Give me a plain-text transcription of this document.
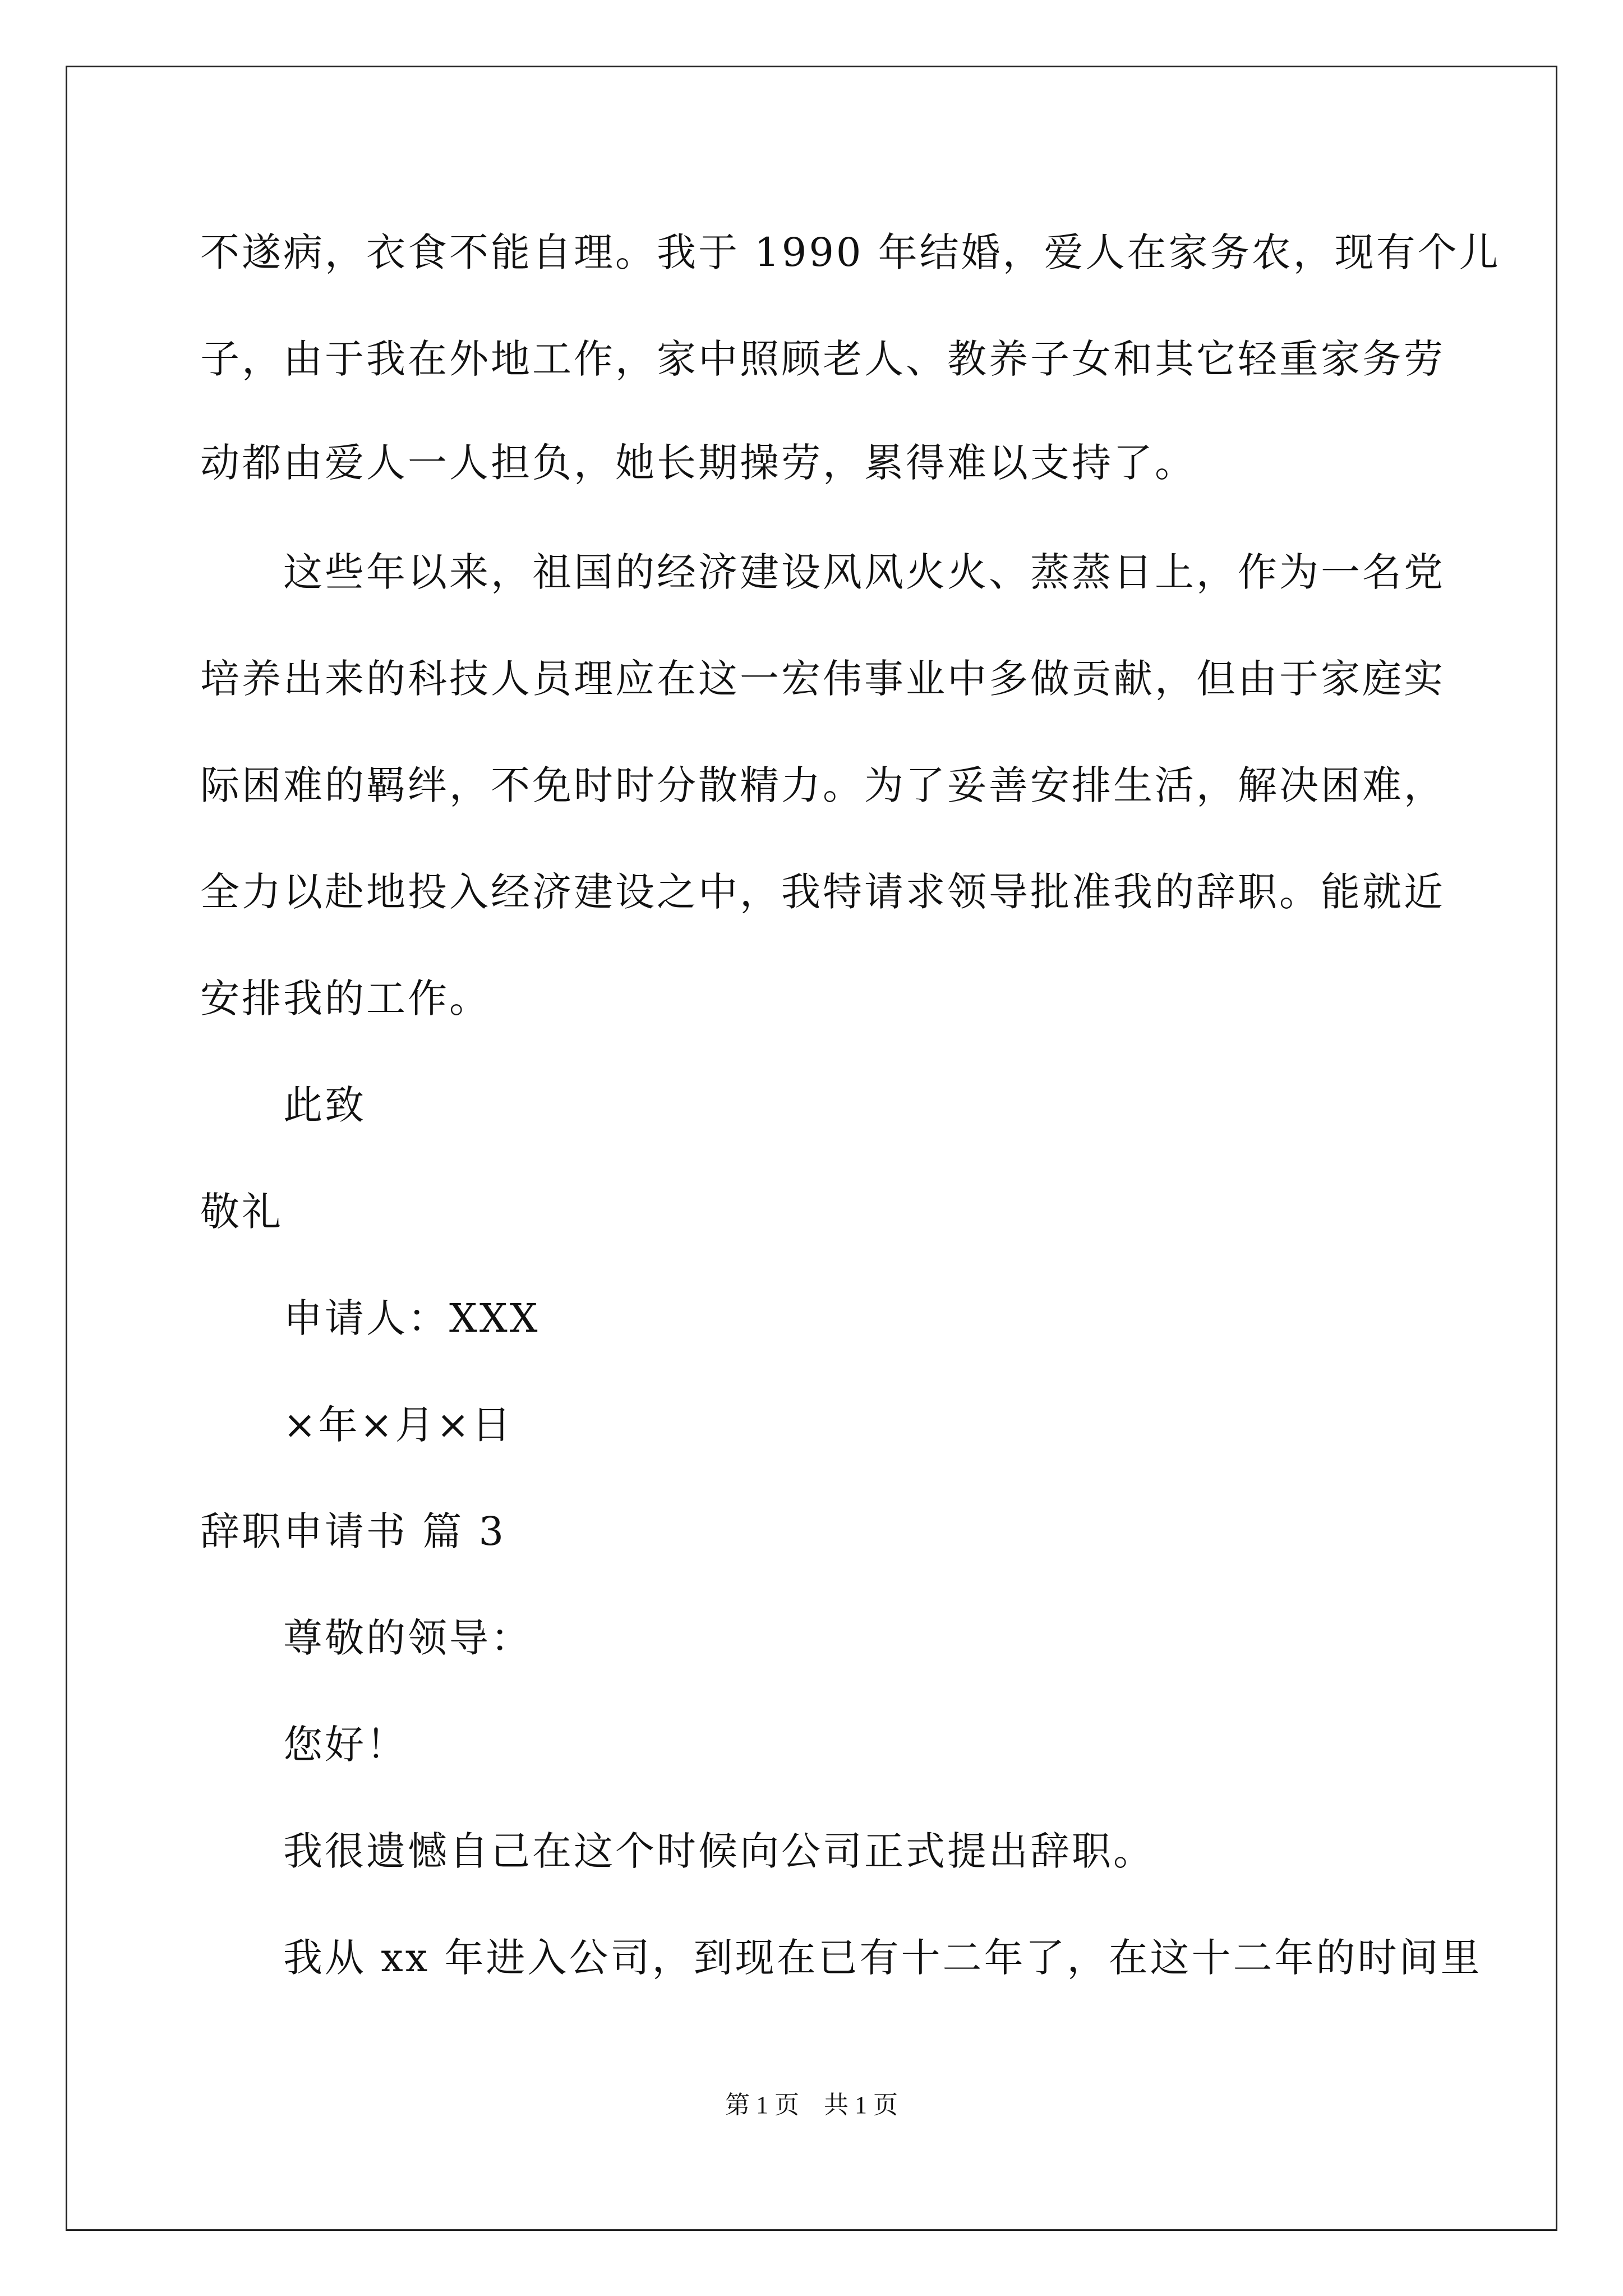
不遂病，衣食不能自理。我于 1990 年结婚，爱人在家务农，现有个儿

子，由于我在外地工作，家中照顾老人、教养子女和其它轻重家务劳

动都由爱人一人担负，她长期操劳，累得难以支持了。

这些年以来，祖国的经济建设风风火火、蒸蒸日上，作为一名党

培养出来的科技人员理应在这一宏伟事业中多做贡献，但由于家庭实

际困难的羁绊，不免时时分散精力。为了妥善安排生活，解决困难，

全力以赴地投入经济建设之中，我特请求领导批准我的辞职。能就近

安排我的工作。

此致

敬礼

申请人：XXX

×年×月×日

辞职申请书 篇 3

尊敬的领导：

您好！

我很遗憾自己在这个时候向公司正式提出辞职。

我从 xx 年进入公司，到现在已有十二年了，在这十二年的时间里

第 1 页　共 1 页
